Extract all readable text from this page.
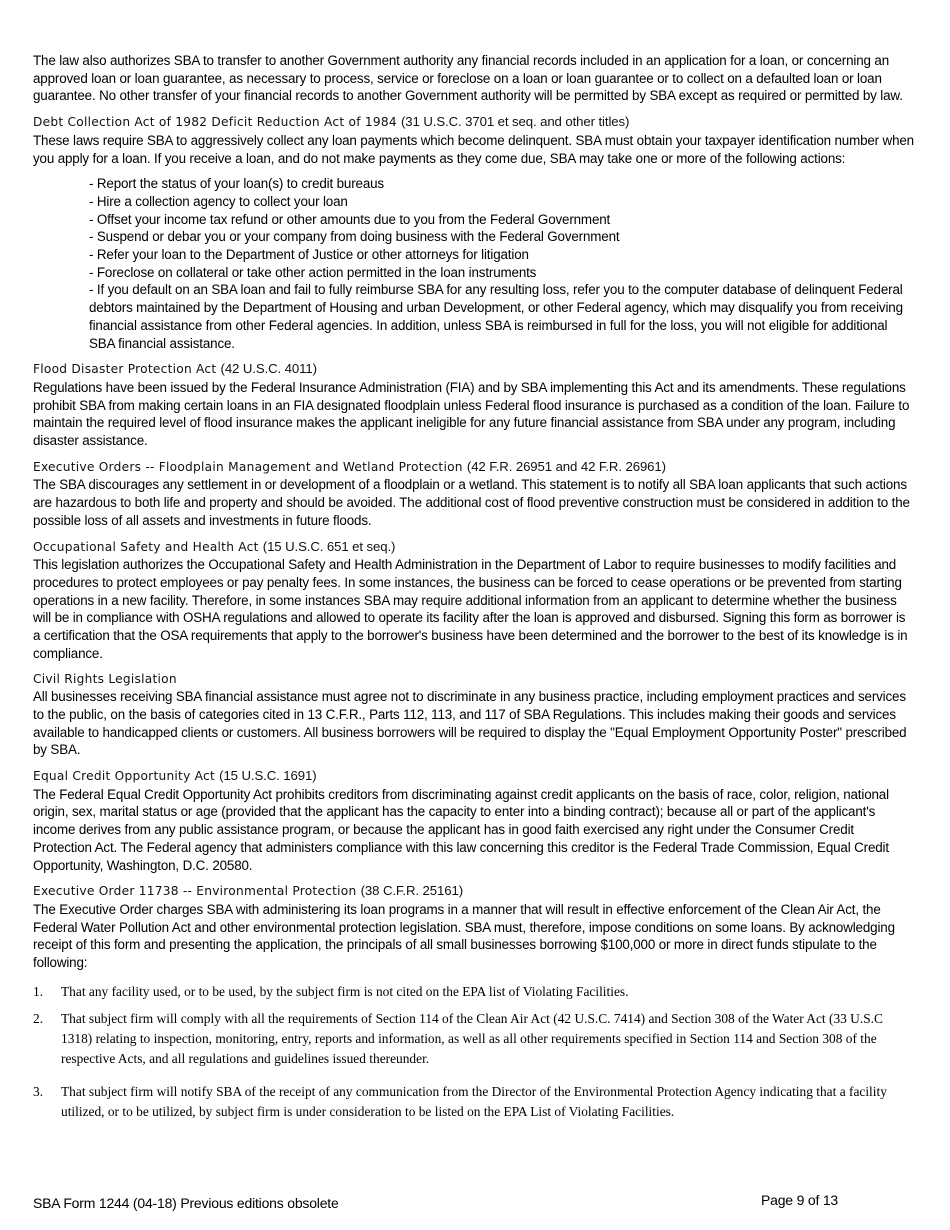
The law also authorizes SBA to transfer to another Government authority any financial records included in an application for a loan, or concerning an approved loan or loan guarantee, as necessary to process, service or foreclose on a loan or loan guarantee or to collect on a defaulted loan or loan guarantee. No other transfer of your financial records to another Government authority will be permitted by SBA except as required or permitted by law.

Debt Collection Act of 1982 Deficit Reduction Act of 1984 (31 U.S.C. 3701 et seq. and other titles)

These laws require SBA to aggressively collect any loan payments which become delinquent. SBA must obtain your taxpayer identification number when you apply for a loan. If you receive a loan, and do not make payments as they come due, SBA may take one or more of the following actions:

- Report the status of your loan(s) to credit bureaus
- Hire a collection agency to collect your loan
- Offset your income tax refund or other amounts due to you from the Federal Government
- Suspend or debar you or your company from doing business with the Federal Government
- Refer your loan to the Department of Justice or other attorneys for litigation
- Foreclose on collateral or take other action permitted in the loan instruments
- If you default on an SBA loan and fail to fully reimburse SBA for any resulting loss, refer you to the computer database of delinquent Federal debtors maintained by the Department of Housing and urban Development, or other Federal agency, which may disqualify you from receiving financial assistance from other Federal agencies. In addition, unless SBA is reimbursed in full for the loss, you will not eligible for additional SBA financial assistance.

Flood Disaster Protection Act (42 U.S.C. 4011)

Regulations have been issued by the Federal Insurance Administration (FIA) and by SBA implementing this Act and its amendments. These regulations prohibit SBA from making certain loans in an FIA designated floodplain unless Federal flood insurance is purchased as a condition of the loan. Failure to maintain the required level of flood insurance makes the applicant ineligible for any future financial assistance from SBA under any program, including disaster assistance.

Executive Orders -- Floodplain Management and Wetland Protection (42 F.R. 26951 and 42 F.R. 26961)

The SBA discourages any settlement in or development of a floodplain or a wetland. This statement is to notify all SBA loan applicants that such actions are hazardous to both life and property and should be avoided. The additional cost of flood preventive construction must be considered in addition to the possible loss of all assets and investments in future floods.

Occupational Safety and Health Act (15 U.S.C. 651 et seq.)

This legislation authorizes the Occupational Safety and Health Administration in the Department of Labor to require businesses to modify facilities and procedures to protect employees or pay penalty fees. In some instances, the business can be forced to cease operations or be prevented from starting operations in a new facility. Therefore, in some instances SBA may require additional information from an applicant to determine whether the business will be in compliance with OSHA regulations and allowed to operate its facility after the loan is approved and disbursed. Signing this form as borrower is a certification that the OSA requirements that apply to the borrower's business have been determined and the borrower to the best of its knowledge is in compliance.

Civil Rights Legislation

All businesses receiving SBA financial assistance must agree not to discriminate in any business practice, including employment practices and services to the public, on the basis of categories cited in 13 C.F.R., Parts 112, 113, and 117 of SBA Regulations. This includes making their goods and services available to handicapped clients or customers. All business borrowers will be required to display the "Equal Employment Opportunity Poster" prescribed by SBA.

Equal Credit Opportunity Act (15 U.S.C. 1691)

The Federal Equal Credit Opportunity Act prohibits creditors from discriminating against credit applicants on the basis of race, color, religion, national origin, sex, marital status or age (provided that the applicant has the capacity to enter into a binding contract); because all or part of the applicant's income derives from any public assistance program, or because the applicant has in good faith exercised any right under the Consumer Credit Protection Act. The Federal agency that administers compliance with this law concerning this creditor is the Federal Trade Commission, Equal Credit Opportunity, Washington, D.C. 20580.

Executive Order 11738 -- Environmental Protection (38 C.F.R. 25161)

The Executive Order charges SBA with administering its loan programs in a manner that will result in effective enforcement of the Clean Air Act, the Federal Water Pollution Act and other environmental protection legislation. SBA must, therefore, impose conditions on some loans. By acknowledging receipt of this form and presenting the application, the principals of all small businesses borrowing $100,000 or more in direct funds stipulate to the following:

1. That any facility used, or to be used, by the subject firm is not cited on the EPA list of Violating Facilities.
2. That subject firm will comply with all the requirements of Section 114 of the Clean Air Act (42 U.S.C. 7414) and Section 308 of the Water Act (33 U.S.C 1318) relating to inspection, monitoring, entry, reports and information, as well as all other requirements specified in Section 114 and Section 308 of the respective Acts, and all regulations and guidelines issued thereunder.
3. That subject firm will notify SBA of the receipt of any communication from the Director of the Environmental Protection Agency indicating that a facility utilized, or to be utilized, by subject firm is under consideration to be listed on the EPA List of Violating Facilities.
SBA Form 1244 (04-18) Previous editions obsolete	Page 9 of 13
